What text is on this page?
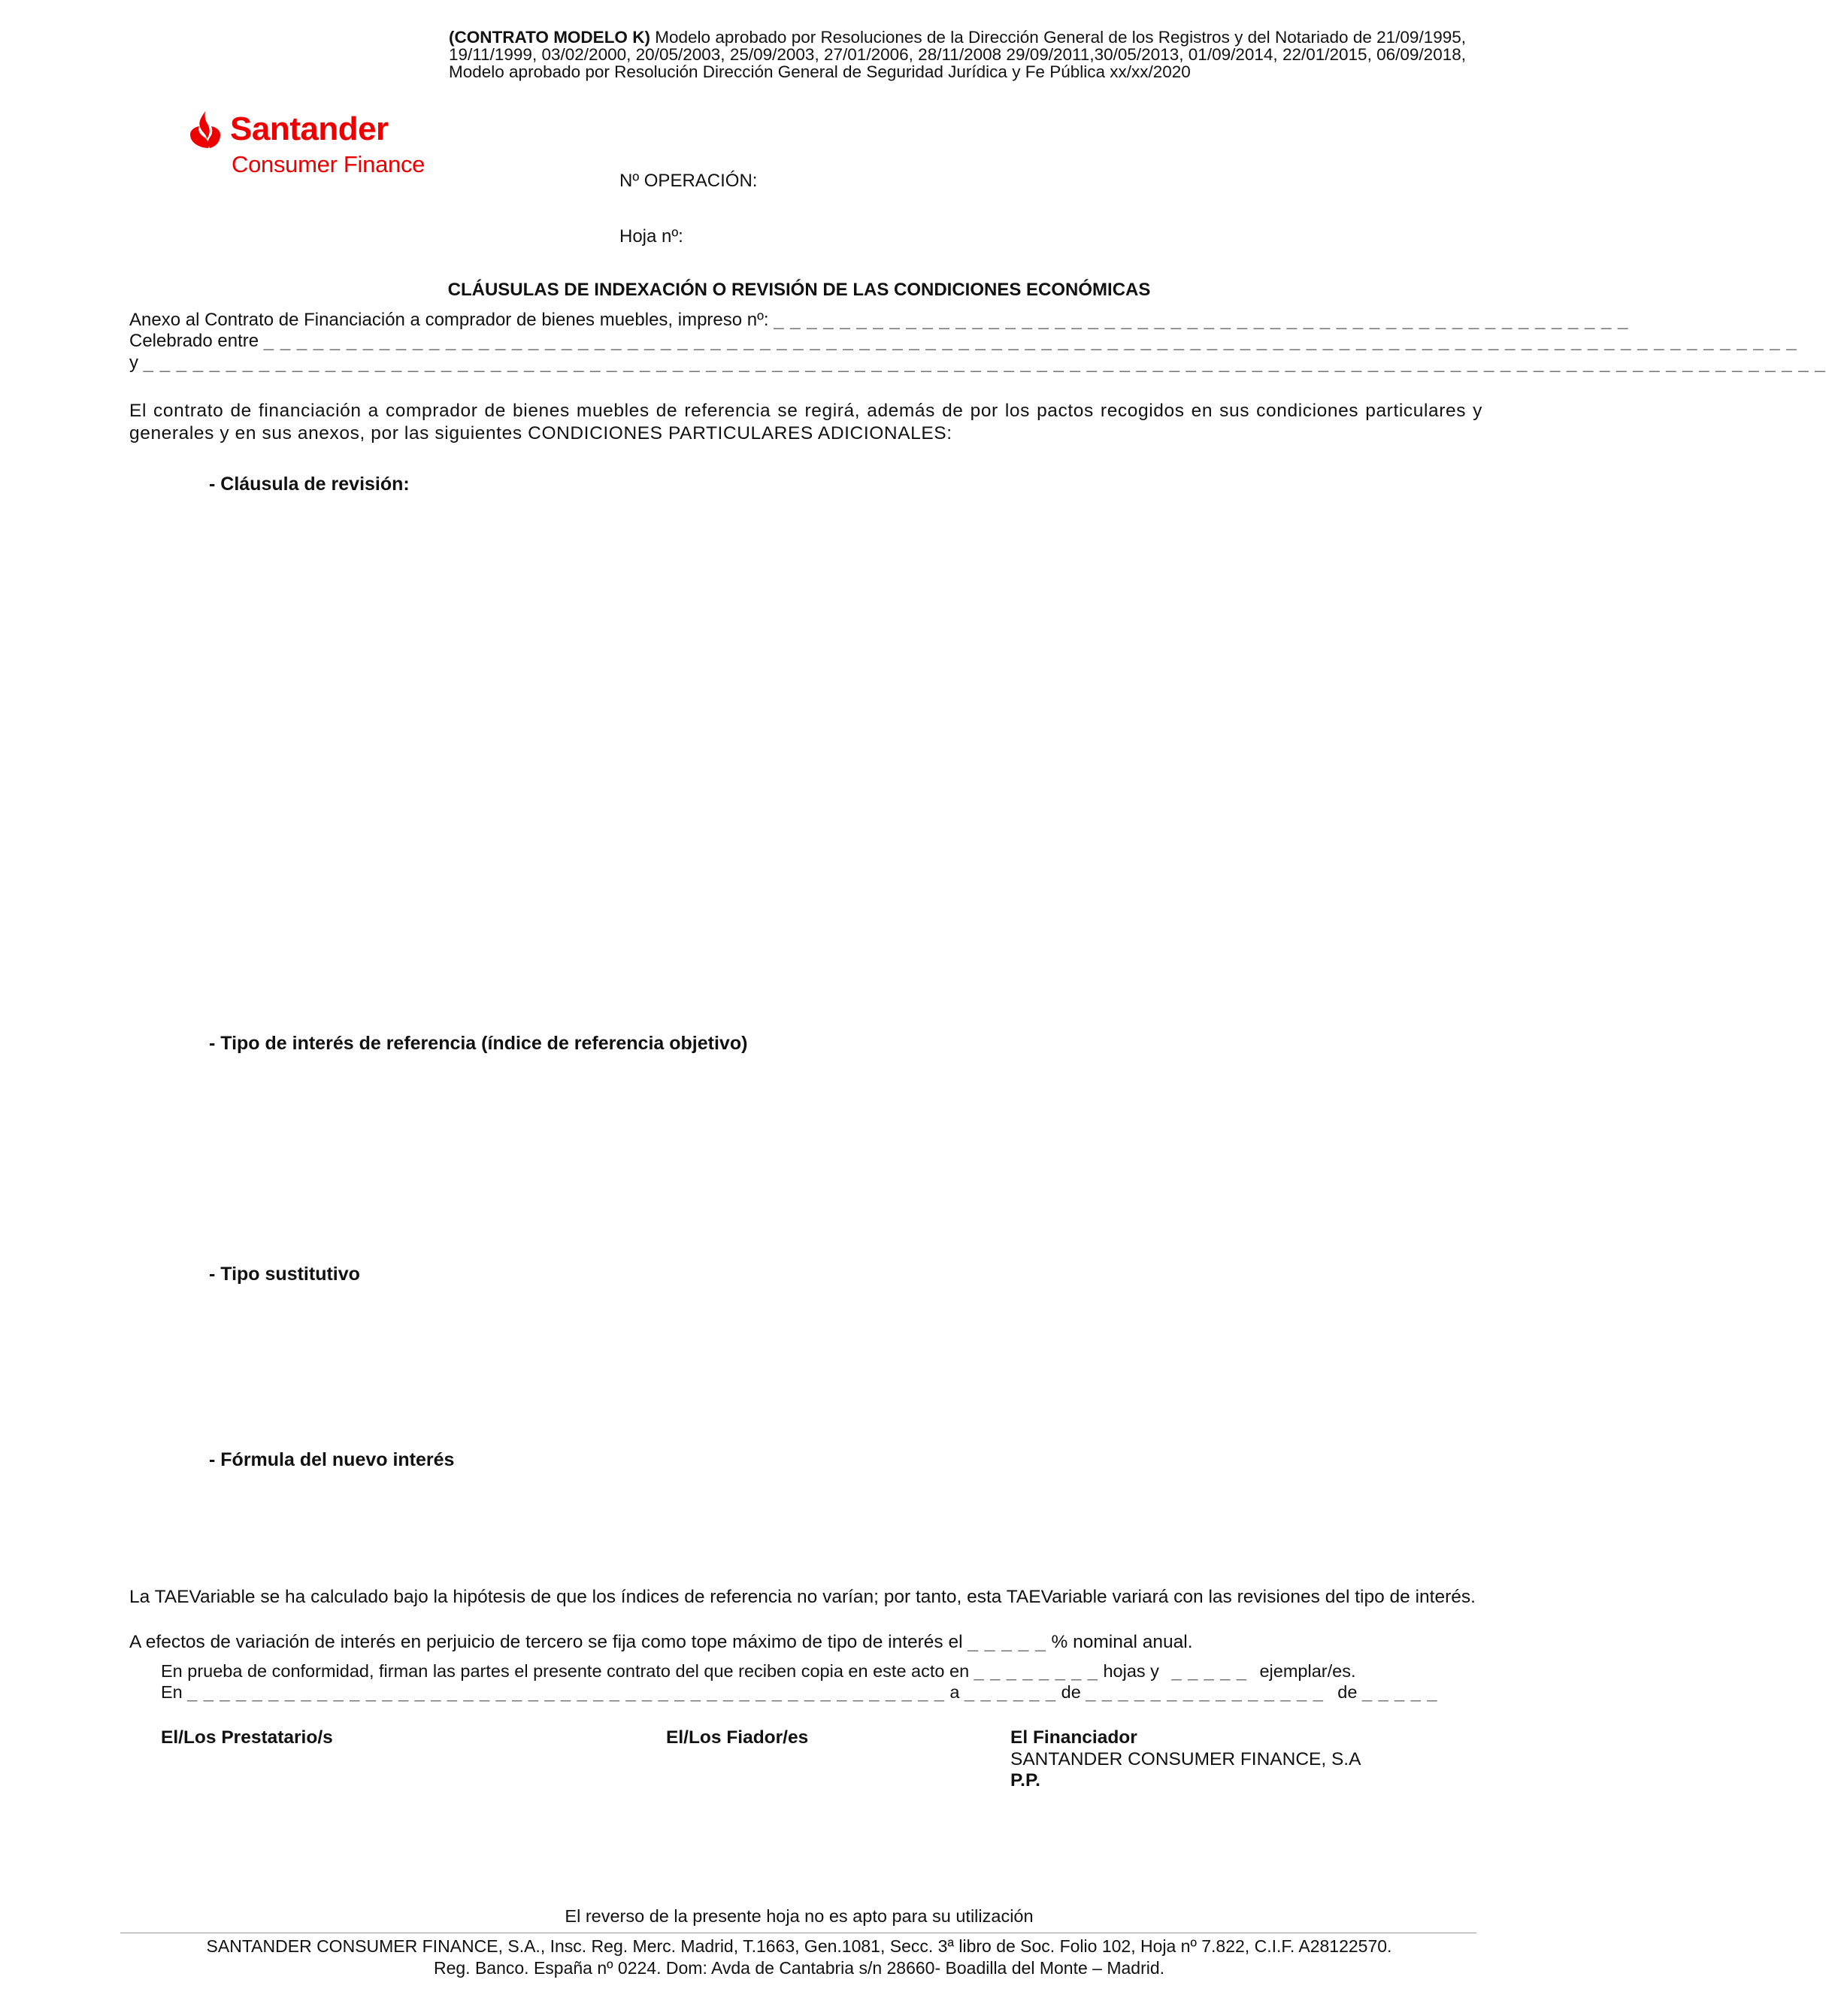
(CONTRATO MODELO K) Modelo aprobado por Resoluciones de la Dirección General de los Registros y del Notariado de 21/09/1995, 19/11/1999, 03/02/2000, 20/05/2003, 25/09/2003, 27/01/2006, 28/11/2008 29/09/2011,30/05/2013, 01/09/2014, 22/01/2015, 06/09/2018, Modelo aprobado por Resolución Dirección General de Seguridad Jurídica y Fe Pública xx/xx/2020
Santander
Consumer Finance
Nº OPERACIÓN:
Hoja nº:
CLÁUSULAS DE INDEXACIÓN O REVISIÓN DE LAS CONDICIONES ECONÓMICAS
Anexo al Contrato de Financiación a comprador de bienes muebles, impreso nº: _ _ _ _ _ _ _ _ _ _ _ _ _ _ _ _ _ _ _ _ _ _ _ _ _ _ _ _ _ _ _ _ _ _ _ _ _ _ _ _ _ _ _ _ _ _ _ _ _ _ _ _
Celebrado entre _ _ _ _ _ _ _ _ _ _ _ _ _ _ _ _ _ _ _ _ _ _ _ _ _ _ _ _ _ _ _ _ _ _ _ _ _ _ _ _ _ _ _ _ _ _ _ _ _ _ _ _ _ _ _ _ _ _ _ _ _ _ _ _ _ _ _ _ _ _ _ _ _ _ _ _ _ _ _ _ _ _ _ _ _ _ _ _ _ _ _ _ _
y _ _ _ _ _ _ _ _ _ _ _ _ _ _ _ _ _ _ _ _ _ _ _ _ _ _ _ _ _ _ _ _ _ _ _ _ _ _ _ _ _ _ _ _ _ _ _ _ _ _ _ _ _ _ _ _ _ _ _ _ _ _ _ _ _ _ _ _ _ _ _ _ _ _ _ _ _ _ _ _ _ _ _ _ _ _ _ _ _ _ _ _ _ _ _ _ _ _ _ _ _ _
El contrato de financiación a comprador de bienes muebles de referencia se regirá, además de por los pactos recogidos en sus condiciones particulares y generales y en sus anexos, por las siguientes CONDICIONES PARTICULARES ADICIONALES:
- Cláusula de revisión:
- Tipo de interés de referencia (índice de referencia objetivo)
- Tipo sustitutivo
- Fórmula del nuevo interés
La TAEVariable se ha calculado bajo la hipótesis de que los índices de referencia no varían; por tanto, esta TAEVariable variará con las revisiones del tipo de interés.
A efectos de variación de interés en perjuicio de tercero se fija como tope máximo de tipo de interés el _ _ _ _ _ % nominal anual.
En prueba de conformidad, firman las partes el presente contrato del que reciben copia en este acto en _ _ _ _ _ _ _ _ hojas y _ _ _ _ _ ejemplar/es.
En _ _ _ _ _ _ _ _ _ _ _ _ _ _ _ _ _ _ _ _ _ _ _ _ _ _ _ _ _ _ _ _ _ _ _ _ _ _ _ _ _ _ _ _ _ _ _ a _ _ _ _ _ _ de _ _ _ _ _ _ _ _ _ _ _ _ _ _ _ de _ _ _ _ _
El/Los Prestatario/s	El/Los Fiador/es	El Financiador
SANTANDER CONSUMER FINANCE, S.A
P.P.
El reverso de la presente hoja no es apto para su utilización
SANTANDER CONSUMER FINANCE, S.A., Insc. Reg. Merc. Madrid, T.1663, Gen.1081, Secc. 3ª libro de Soc. Folio 102, Hoja nº 7.822, C.I.F. A28122570.
Reg. Banco. España nº 0224. Dom: Avda de Cantabria s/n 28660- Boadilla del Monte – Madrid.
